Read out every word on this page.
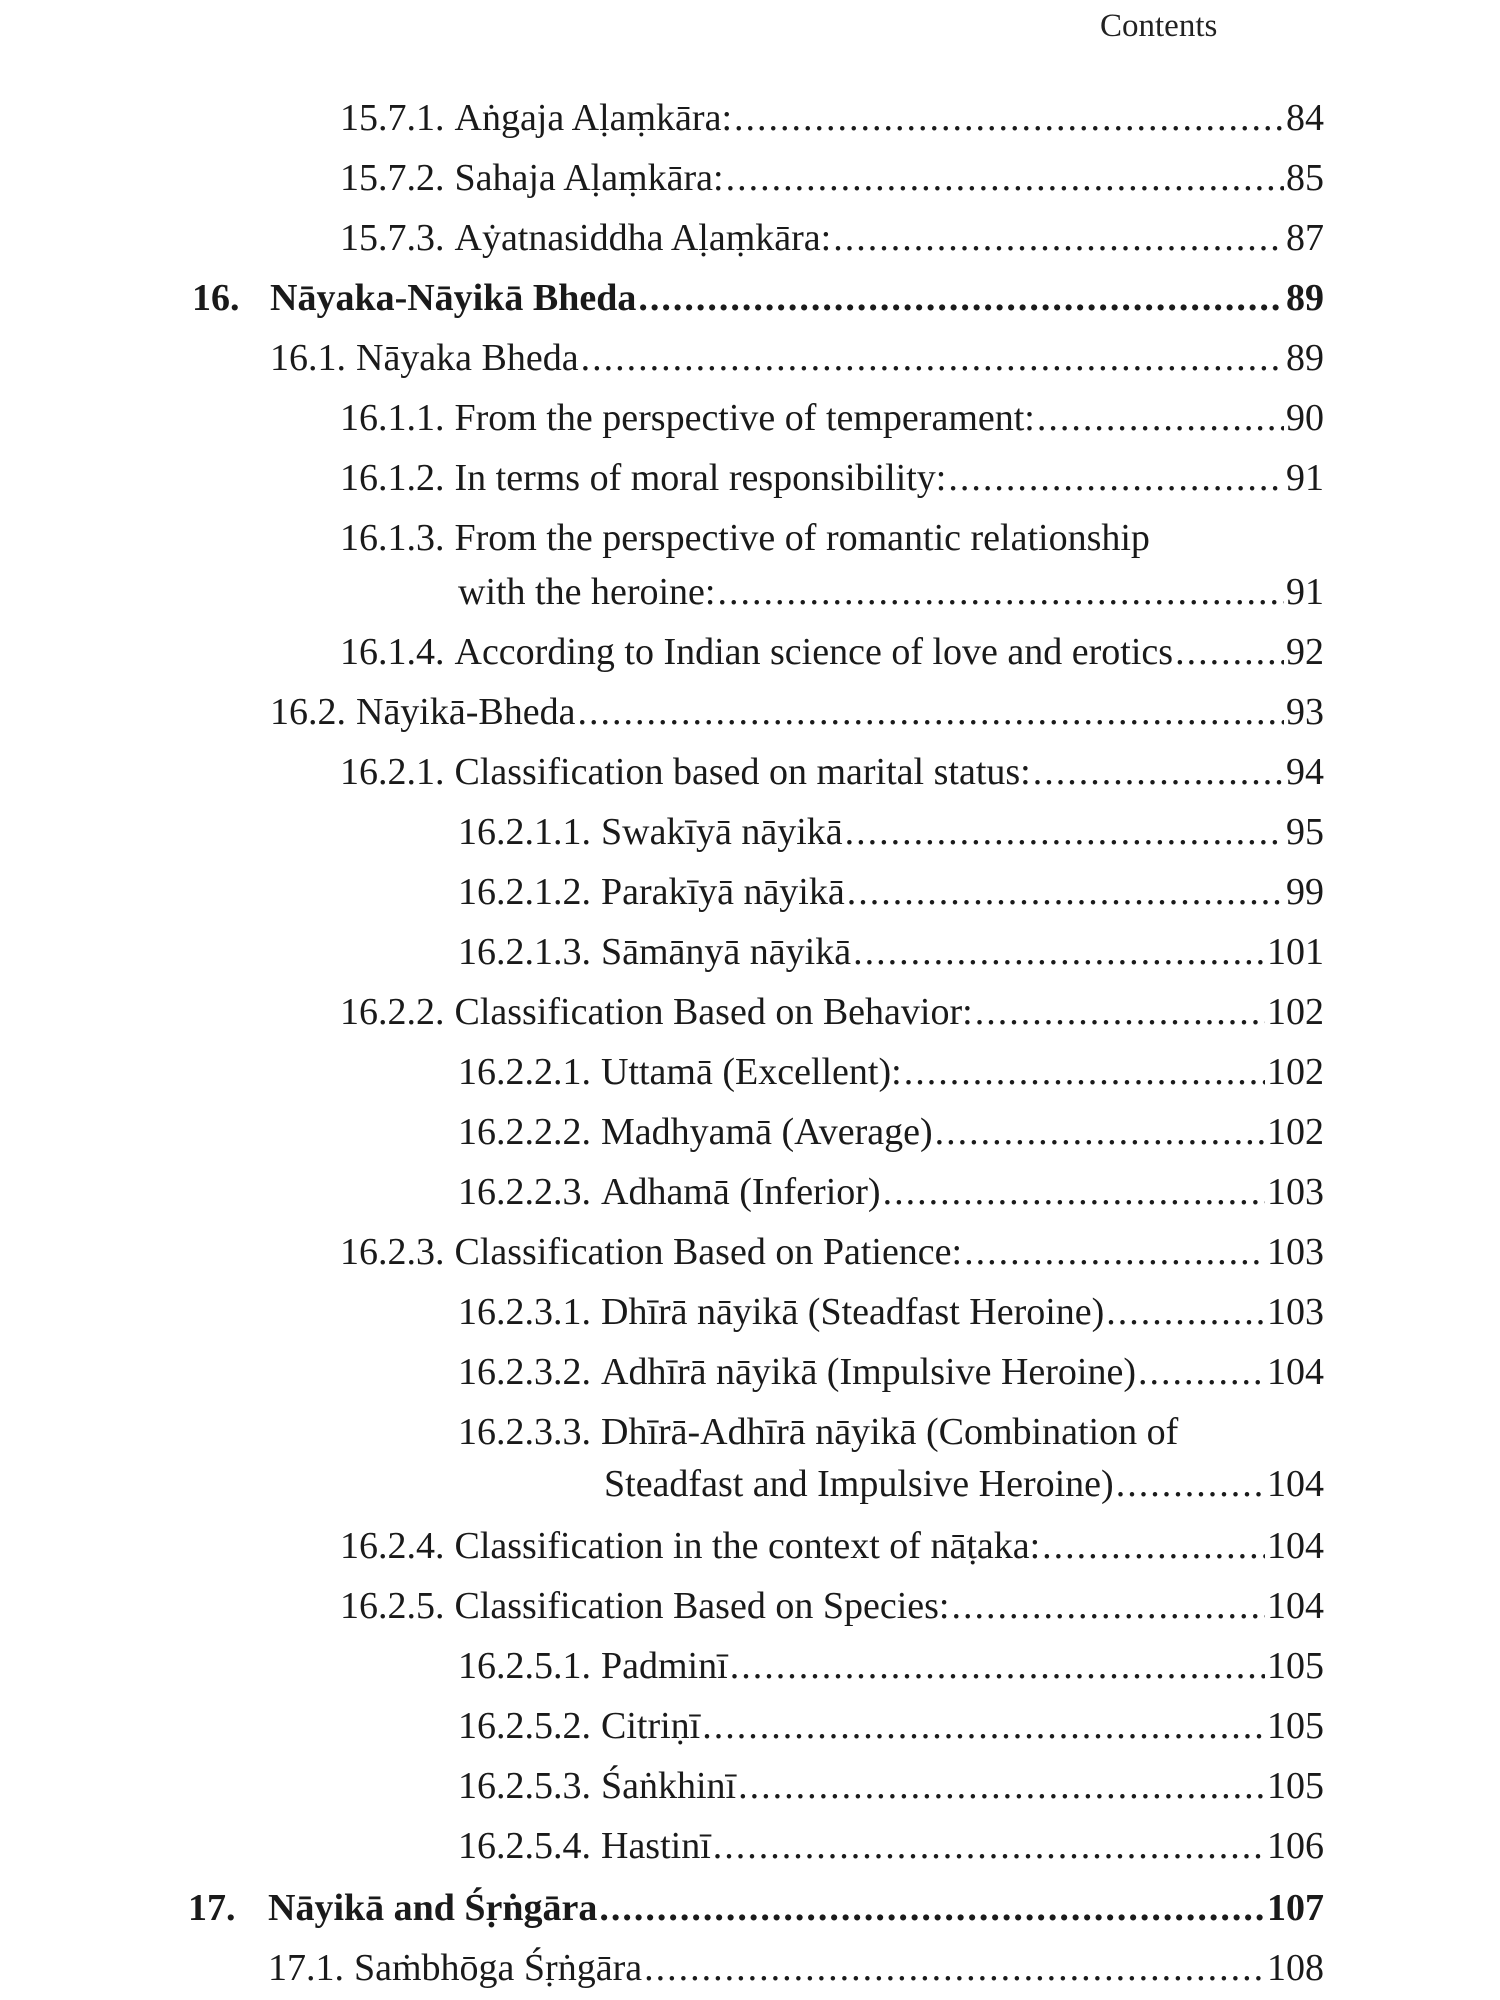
Contents
15.7.1. Aṅgaja Aḷaṃkāra: .....	84
15.7.2. Sahaja Aḷaṃkāra: .....	85
15.7.3. Aẏatnasiddha Aḷaṃkāra: .....	87
16. Nāyaka-Nāyikā Bheda .....	89
16.1. Nāyaka Bheda .....	89
16.1.1. From the perspective of temperament: .....	90
16.1.2. In terms of moral responsibility: .....	91
16.1.3. From the perspective of romantic relationship
with the heroine: .....	91
16.1.4. According to Indian science of love and erotics .....	92
16.2. Nāyikā-Bheda .....	93
16.2.1. Classification based on marital status: .....	94
16.2.1.1. Swakīyā nāyikā .....	95
16.2.1.2. Parakīyā nāyikā .....	99
16.2.1.3. Sāmānyā nāyikā .....	101
16.2.2. Classification Based on Behavior: .....	102
16.2.2.1. Uttamā (Excellent): .....	102
16.2.2.2. Madhyamā (Average) .....	102
16.2.2.3. Adhamā (Inferior) .....	103
16.2.3. Classification Based on Patience: .....	103
16.2.3.1. Dhīrā nāyikā (Steadfast Heroine) .....	103
16.2.3.2. Adhīrā nāyikā (Impulsive Heroine) .....	104
16.2.3.3. Dhīrā-Adhīrā nāyikā (Combination of
Steadfast and Impulsive Heroine) .....	104
16.2.4. Classification in the context of nāṭaka: .....	104
16.2.5. Classification Based on Species: .....	104
16.2.5.1. Padminī .....	105
16.2.5.2. Citriṇī .....	105
16.2.5.3. Śaṅkhinī .....	105
16.2.5.4. Hastinī .....	106
17. Nāyikā and Śṛṅgāra .....	107
17.1. Saṁbhōga Śṛṅgāra .....	108
